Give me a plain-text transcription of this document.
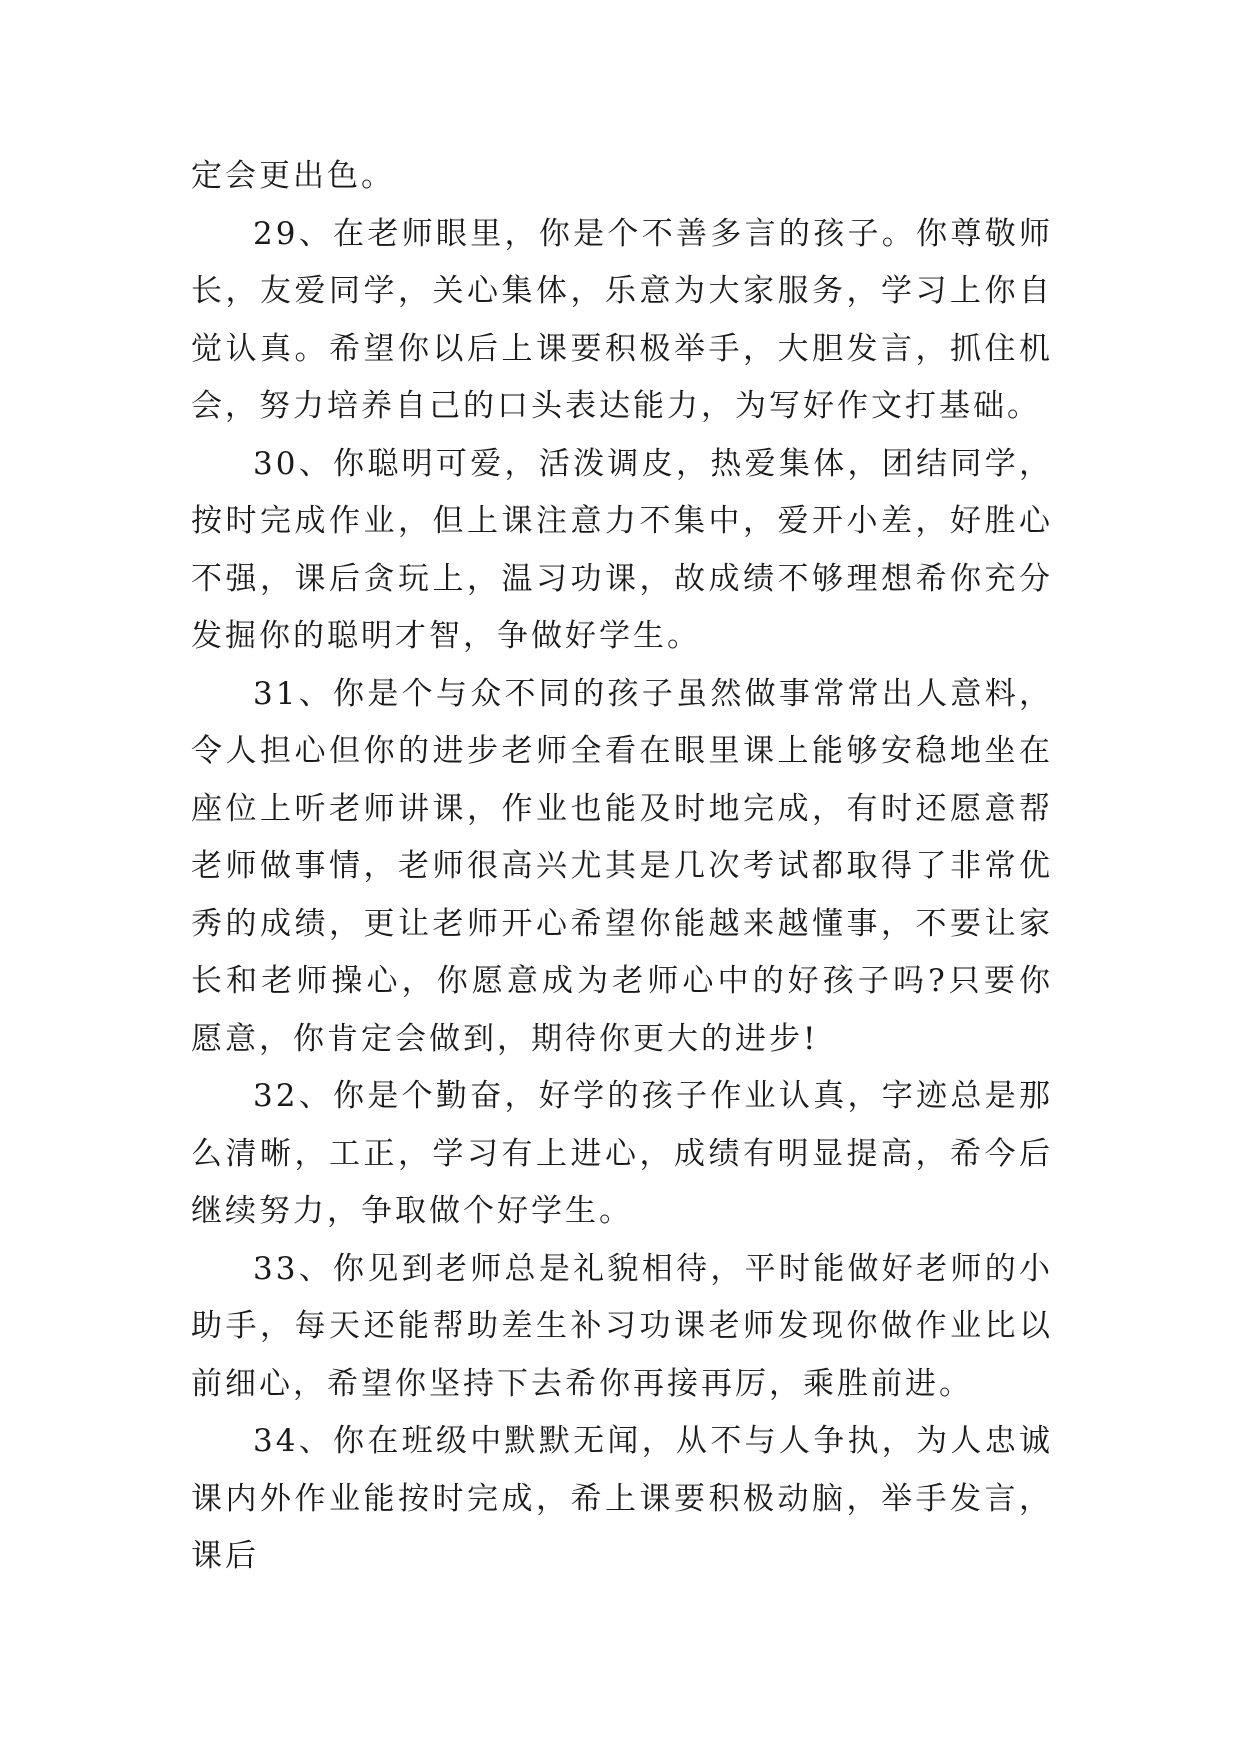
定会更出色。

29、在老师眼里，你是个不善多言的孩子。你尊敬师长，友爱同学，关心集体，乐意为大家服务，学习上你自觉认真。希望你以后上课要积极举手，大胆发言，抓住机会，努力培养自己的口头表达能力，为写好作文打基础。

30、你聪明可爱，活泼调皮，热爱集体，团结同学，按时完成作业，但上课注意力不集中，爱开小差，好胜心不强，课后贪玩上，温习功课，故成绩不够理想希你充分发掘你的聪明才智，争做好学生。

31、你是个与众不同的孩子虽然做事常常出人意料，令人担心但你的进步老师全看在眼里课上能够安稳地坐在座位上听老师讲课，作业也能及时地完成，有时还愿意帮老师做事情，老师很高兴尤其是几次考试都取得了非常优秀的成绩，更让老师开心希望你能越来越懂事，不要让家长和老师操心，你愿意成为老师心中的好孩子吗?只要你愿意，你肯定会做到，期待你更大的进步!

32、你是个勤奋，好学的孩子作业认真，字迹总是那么清晰，工正，学习有上进心，成绩有明显提高，希今后继续努力，争取做个好学生。

33、你见到老师总是礼貌相待，平时能做好老师的小助手，每天还能帮助差生补习功课老师发现你做作业比以前细心，希望你坚持下去希你再接再厉，乘胜前进。

34、你在班级中默默无闻，从不与人争执，为人忠诚课内外作业能按时完成，希上课要积极动脑，举手发言，课后
